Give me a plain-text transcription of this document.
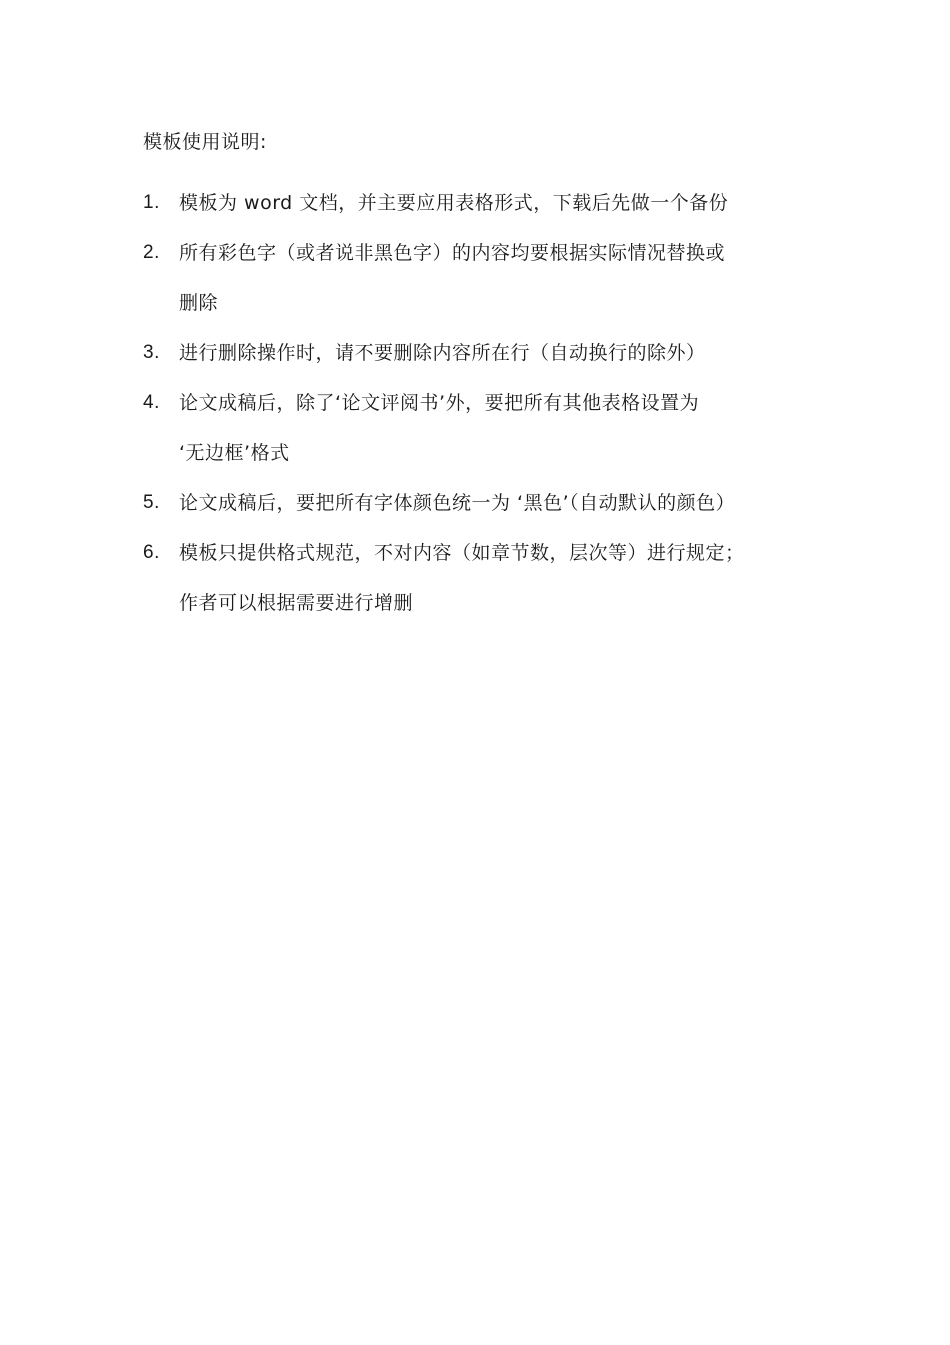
模板使用说明:
1. 模板为 word 文档，并主要应用表格形式，下载后先做一个备份
2. 所有彩色字（或者说非黑色字）的内容均要根据实际情况替换或
删除
3. 进行删除操作时，请不要删除内容所在行（自动换行的除外）
4. 论文成稿后，除了‘论文评阅书’外，要把所有其他表格设置为
‘无边框’格式
5. 论文成稿后，要把所有字体颜色统一为 ‘黑色’（自动默认的颜色）
6. 模板只提供格式规范，不对内容（如章节数，层次等）进行规定；
作者可以根据需要进行增删
